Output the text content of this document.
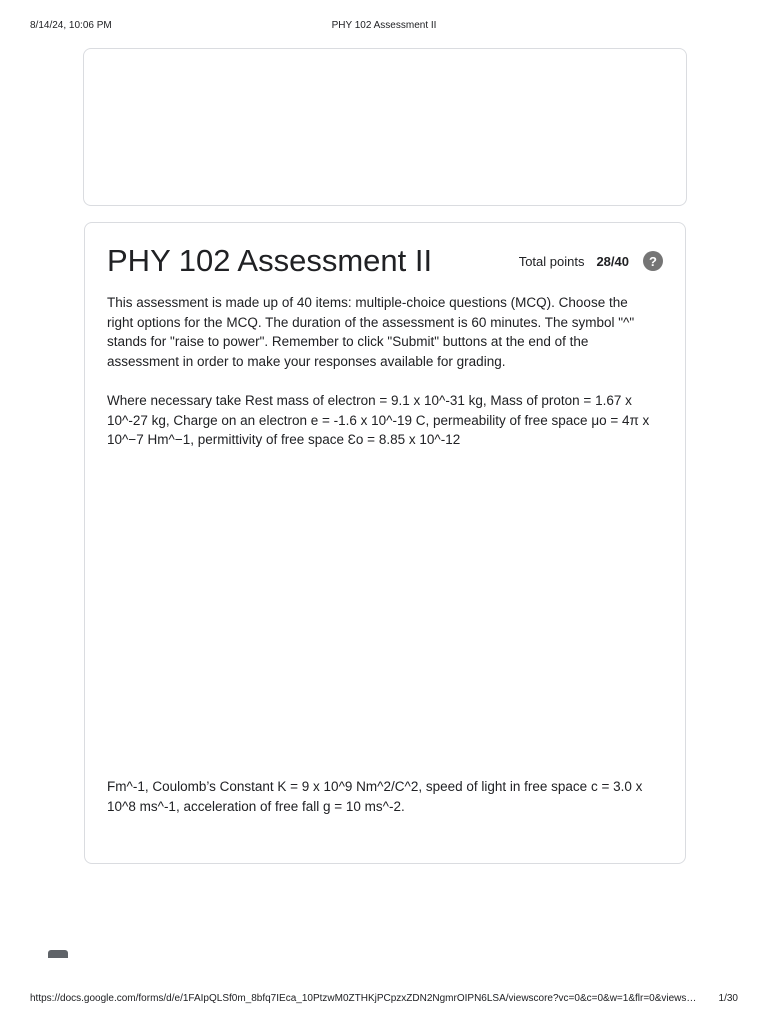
8/14/24, 10:06 PM	PHY 102 Assessment II
PHY 102 Assessment II	Total points 28/40	?

This assessment is made up of 40 items: multiple-choice questions (MCQ). Choose the right options for the MCQ. The duration of the assessment is 60 minutes. The symbol "^" stands for "raise to power". Remember to click "Submit" buttons at the end of the assessment in order to make your responses available for grading.

Where necessary take Rest mass of electron = 9.1 x 10^-31 kg, Mass of proton = 1.67 x 10^-27 kg, Charge on an electron e = -1.6 x 10^-19 C, permeability of free space μo = 4π x 10^−7 Hm^−1, permittivity of free space Ɛo = 8.85 x 10^-12

Fm^-1, Coulomb’s Constant K = 9 x 10^9 Nm^2/C^2, speed of light in free space c = 3.0 x 10^8 ms^-1, acceleration of free fall g = 10 ms^-2.

https://docs.google.com/forms/d/e/1FAIpQLSf0m_8bfq7IEca_10PtzwM0ZTHKjPCpzxZDN2NgmrOIPN6LSA/viewscore?vc=0&c=0&w=1&flr=0&views…	1/30
